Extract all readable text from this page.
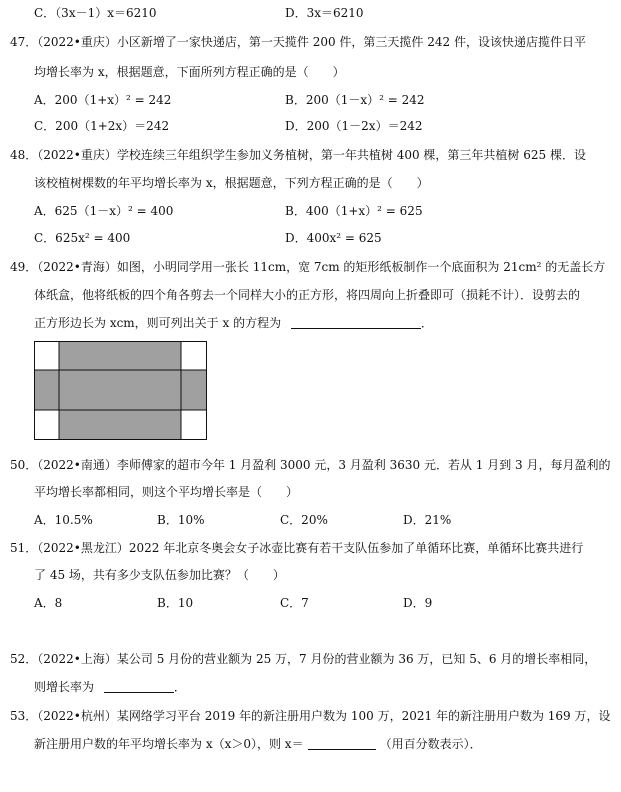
C．（3x－1）x＝6210	D．3x＝6210
47．（2022•重庆）小区新增了一家快递店，第一天揽件 200 件，第三天揽件 242 件，设该快递店揽件日平
均增长率为 x，根据题意，下面所列方程正确的是（　　）
A．200（1+x）² = 242	B．200（1－x）² = 242
C．200（1+2x）＝242	D．200（1－2x）＝242
48．（2022•重庆）学校连续三年组织学生参加义务植树，第一年共植树 400 棵，第三年共植树 625 棵．设
该校植树棵数的年平均增长率为 x，根据题意，下列方程正确的是（　　）
A．625（1－x）² = 400	B．400（1+x）² = 625
C．625x² = 400	D．400x² = 625
49．（2022•青海）如图，小明同学用一张长 11cm，宽 7cm 的矩形纸板制作一个底面积为 21cm² 的无盖长方
体纸盒，他将纸板的四个角各剪去一个同样大小的正方形，将四周向上折叠即可（损耗不计）．设剪去的
正方形边长为 xcm，则可列出关于 x 的方程为	．
50．（2022•南通）李师傅家的超市今年 1 月盈利 3000 元，3 月盈利 3630 元．若从 1 月到 3 月，每月盈利的
平均增长率都相同，则这个平均增长率是（　　）
A．10.5%	B．10%	C．20%	D．21%
51．（2022•黑龙江）2022 年北京冬奥会女子冰壶比赛有若干支队伍参加了单循环比赛，单循环比赛共进行
了 45 场，共有多少支队伍参加比赛？（　　）
A．8	B．10	C．7	D．9
52．（2022•上海）某公司 5 月份的营业额为 25 万，7 月份的营业额为 36 万，已知 5、6 月的增长率相同，
则增长率为	．
53．（2022•杭州）某网络学习平台 2019 年的新注册用户数为 100 万，2021 年的新注册用户数为 169 万，设
新注册用户数的年平均增长率为 x（x＞0），则 x＝	（用百分数表示）．
